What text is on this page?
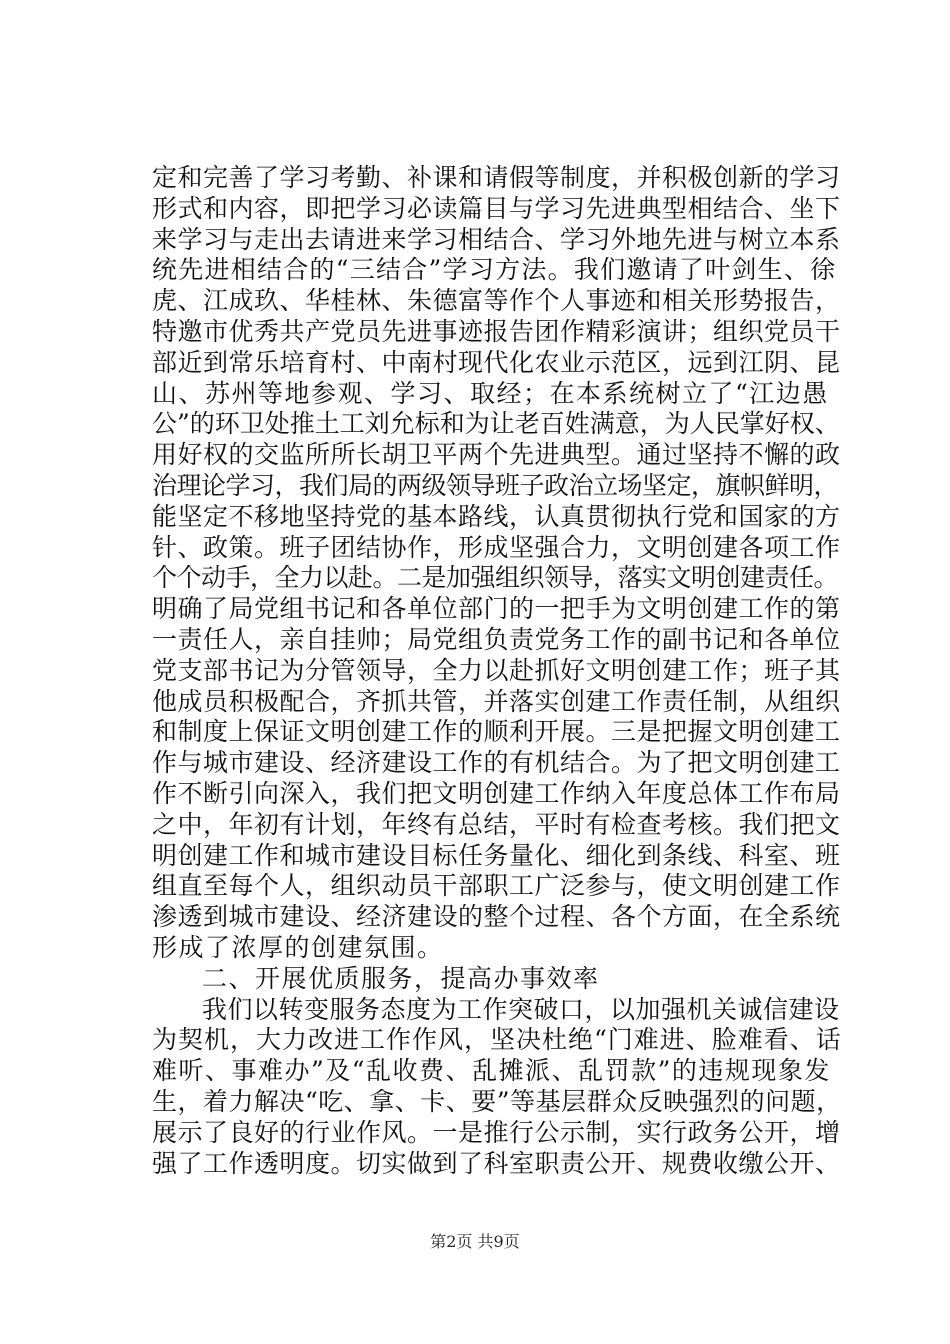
定和完善了学习考勤、补课和请假等制度，并积极创新的学习
形式和内容，即把学习必读篇目与学习先进典型相结合、坐下
来学习与走出去请进来学习相结合、学习外地先进与树立本系
统先进相结合的“三结合”学习方法。我们邀请了叶剑生、徐
虎、江成玖、华桂林、朱德富等作个人事迹和相关形势报告，
特邀市优秀共产党员先进事迹报告团作精彩演讲；组织党员干
部近到常乐培育村、中南村现代化农业示范区，远到江阴、昆
山、苏州等地参观、学习、取经；在本系统树立了“江边愚
公”的环卫处推土工刘允标和为让老百姓满意，为人民掌好权、
用好权的交监所所长胡卫平两个先进典型。通过坚持不懈的政
治理论学习，我们局的两级领导班子政治立场坚定，旗帜鲜明，
能坚定不移地坚持党的基本路线，认真贯彻执行党和国家的方
针、政策。班子团结协作，形成坚强合力，文明创建各项工作
个个动手，全力以赴。二是加强组织领导，落实文明创建责任。
明确了局党组书记和各单位部门的一把手为文明创建工作的第
一责任人，亲自挂帅；局党组负责党务工作的副书记和各单位
党支部书记为分管领导，全力以赴抓好文明创建工作；班子其
他成员积极配合，齐抓共管，并落实创建工作责任制，从组织
和制度上保证文明创建工作的顺利开展。三是把握文明创建工
作与城市建设、经济建设工作的有机结合。为了把文明创建工
作不断引向深入，我们把文明创建工作纳入年度总体工作布局
之中，年初有计划，年终有总结，平时有检查考核。我们把文
明创建工作和城市建设目标任务量化、细化到条线、科室、班
组直至每个人，组织动员干部职工广泛参与，使文明创建工作
渗透到城市建设、经济建设的整个过程、各个方面，在全系统
形成了浓厚的创建氛围。
二、开展优质服务，提高办事效率
我们以转变服务态度为工作突破口，以加强机关诚信建设
为契机，大力改进工作作风，坚决杜绝“门难进、脸难看、话
难听、事难办”及“乱收费、乱摊派、乱罚款”的违规现象发
生，着力解决“吃、拿、卡、要”等基层群众反映强烈的问题，
展示了良好的行业作风。一是推行公示制，实行政务公开，增
强了工作透明度。切实做到了科室职责公开、规费收缴公开、
第2页 共9页
